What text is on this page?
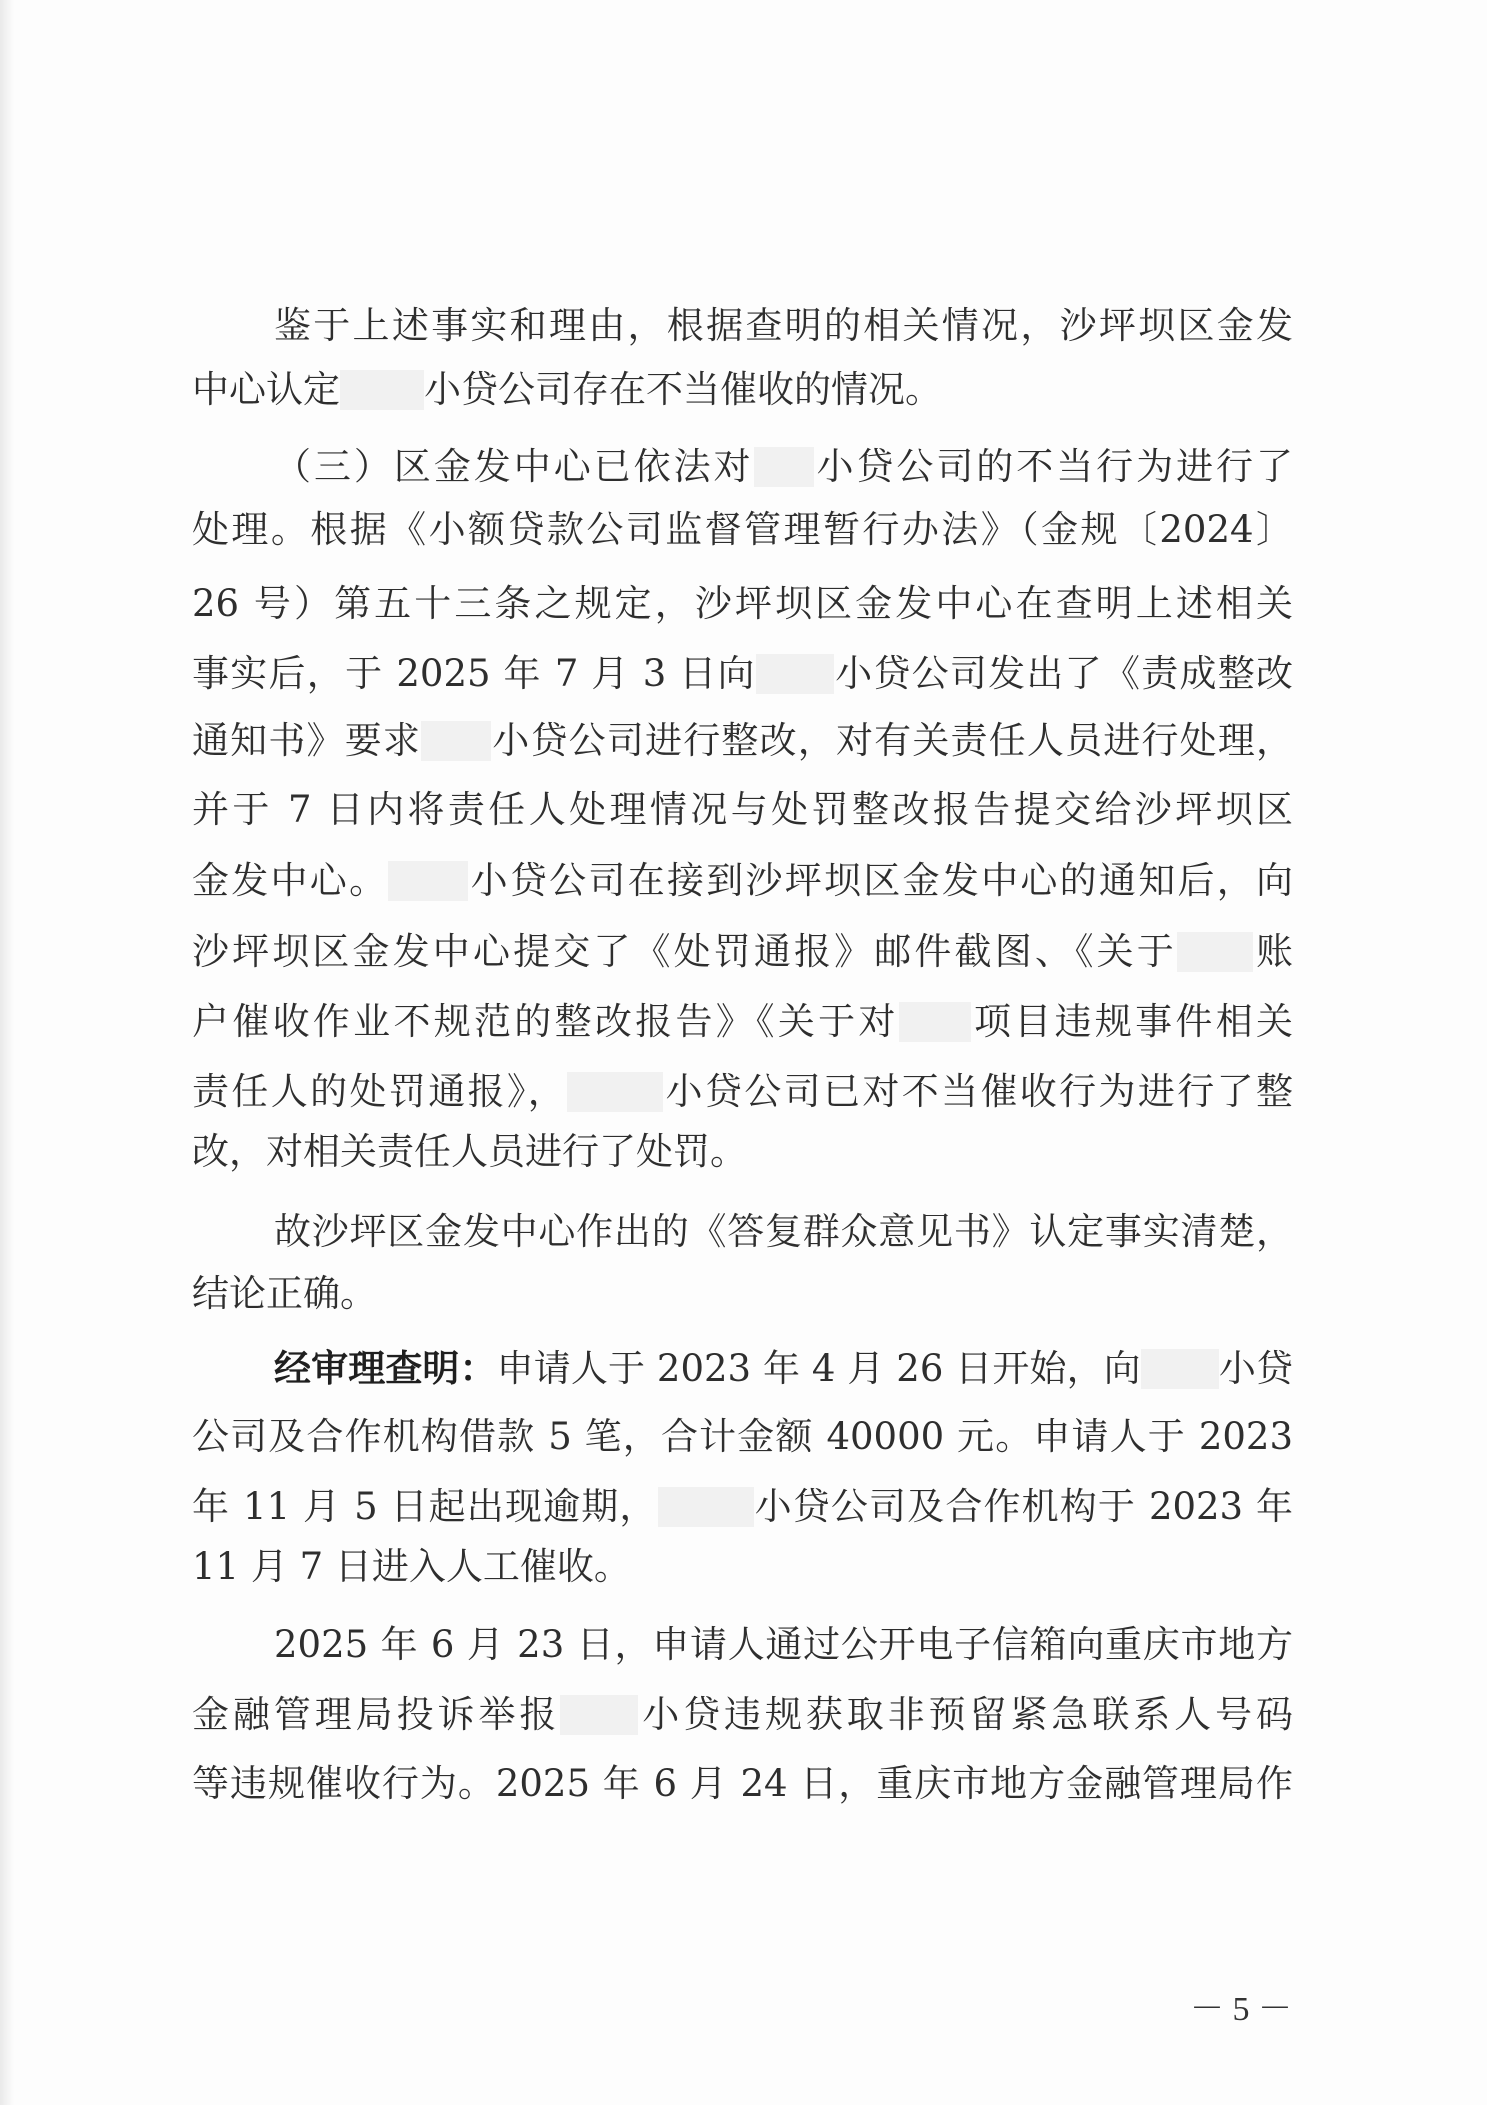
鉴于上述事实和理由，根据查明的相关情况，沙坪坝区金发
中心认定 小贷公司存在不当催收的情况。
（三）区金发中心已依法对 小贷公司的不当行为进行了
处理。根据《小额贷款公司监督管理暂行办法》（金规〔2024〕
26 号）第五十三条之规定，沙坪坝区金发中心在查明上述相关
事实后，于 2025 年 7 月 3 日向 小贷公司发出了《责成整改
通知书》要求 小贷公司进行整改，对有关责任人员进行处理，
并于 7 日内将责任人处理情况与处罚整改报告提交给沙坪坝区
金发中心。 小贷公司在接到沙坪坝区金发中心的通知后，向
沙坪坝区金发中心提交了《处罚通报》邮件截图、《关于 账
户催收作业不规范的整改报告》《关于对 项目违规事件相关
责任人的处罚通报》，	小贷公司已对不当催收行为进行了整
改，对相关责任人员进行了处罚。
故沙坪区金发中心作出的《答复群众意见书》认定事实清楚，
结论正确。
经审理查明：申请人于 2023 年 4 月 26 日开始，向 小贷
公司及合作机构借款 5 笔，合计金额 40000 元。申请人于 2023
年 11 月 5 日起出现逾期，	小贷公司及合作机构于 2023 年
11 月 7 日进入人工催收。
2025 年 6 月 23 日，申请人通过公开电子信箱向重庆市地方
金融管理局投诉举报 小贷违规获取非预留紧急联系人号码
等违规催收行为。2025 年 6 月 24 日，重庆市地方金融管理局作
－ 5 －
